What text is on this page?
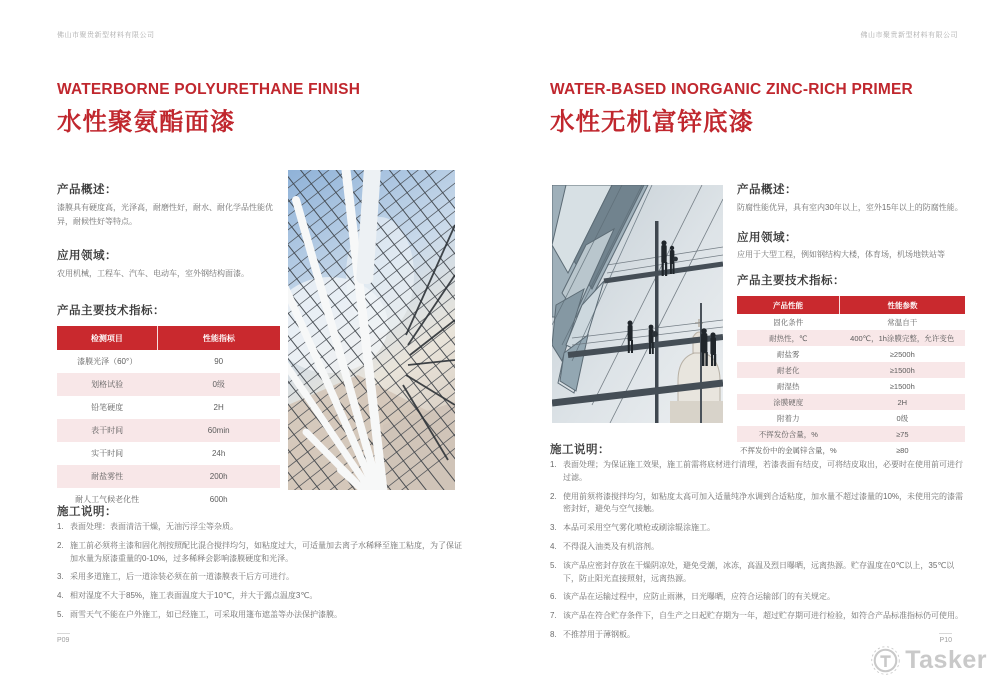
佛山市聚贵新型材料有限公司
WATERBORNE POLYURETHANE FINISH
水性聚氨酯面漆
产品概述：

漆膜具有硬度高，光泽高，耐磨性好，耐水、耐化学品性能优异，耐候性好等特点。

应用领域：

农用机械，工程车、汽车、电动车，室外钢结构面漆。

产品主要技术指标：
检测项目	性能指标
漆膜光泽（60°）	90
划格试验	0级
铅笔硬度	2H
表干时间	60min
实干时间	24h
耐盐雾性	200h
耐人工气候老化性	600h
施工说明：
表面处理：表面清洁干燥，无油污浮尘等杂质。
施工前必须将主漆和固化剂按照配比混合搅拌均匀，如粘度过大，可适量加去离子水稀释至施工粘度，为了保证加水量为原漆重量的0-10%，过多稀释会影响漆膜硬度和光泽。
采用多道施工，后一道涂装必须在前一道漆膜表干后方可进行。
相对湿度不大于85%，施工表面温度大于10℃，并大于露点温度3℃。
雨雪天气不能在户外施工，如已经施工，可采取用篷布遮盖等办法保护漆膜。
P09
佛山市聚贵新型材料有限公司
WATER-BASED INORGANIC ZINC-RICH PRIMER
水性无机富锌底漆
产品概述：

防腐性能优异，具有室内30年以上，室外15年以上的防腐性能。

应用领域：

应用于大型工程，例如钢结构大楼，体育场，机场地铁站等

产品主要技术指标：
产品性能	性能参数
固化条件	常温自干
耐热性，℃	400℃，1h涂膜完整，允许变色
耐盐雾	≥2500h
耐老化	≥1500h
耐湿热	≥1500h
涂膜硬度	2H
附着力	0级
不挥发份含量，%	≥75
不挥发份中的金属锌含量，%	≥80
施工说明：
表面处理；为保证施工效果，施工前需将底材进行清理，若漆表面有结皮，可将结皮取出，必要时在使用前可进行过滤。
使用前须将漆搅拌均匀，如粘度太高可加入适量纯净水调到合适粘度，加水量不超过漆量的10%，未使用完的漆需密封好，避免与空气接触。
本品可采用空气雾化喷枪或刷涂辊涂施工。
不得混入油类及有机溶剂。
该产品应密封存放在干燥阴凉处，避免受潮，冰冻，高温及烈日曝晒，远离热源。贮存温度在0℃以上，35℃以下，防止阳光直接照射，远离热源。
该产品在运输过程中，应防止雨淋，日光曝晒，应符合运输部门的有关规定。
该产品在符合贮存条件下，自生产之日起贮存期为一年，超过贮存期可进行检验，如符合产品标准指标仍可使用。
不推荐用于薄钢板。
P10
Tasker
